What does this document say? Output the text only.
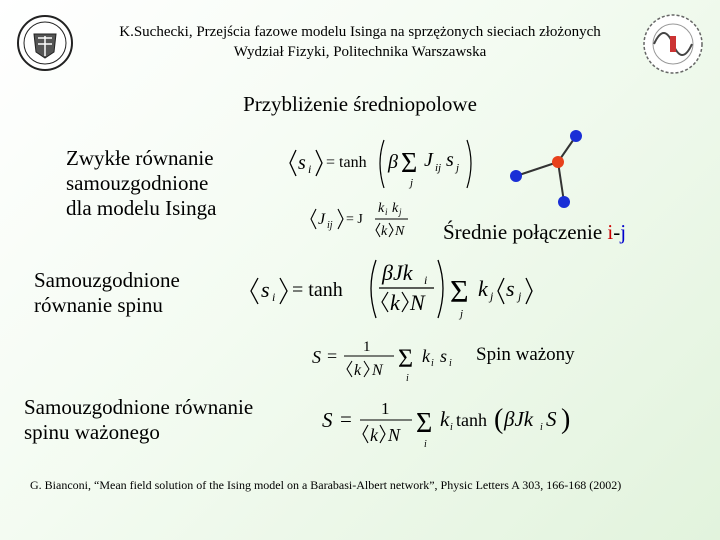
K.Suchecki, Przejścia fazowe modelu Isinga na sprzężonych sieciach złożonych
Wydział Fizyki, Politechnika Warszawska
Przybliżenie średniopolowe
Zwykłe równanie
samouzgodnione
dla modelu Isinga
s i = tanh β Σ
j
J ij s j
J ij = J
k i k j
k N Średnie połączenie i-j
Samouzgodnione
równanie spinu
s i = tanh
βJk i
k N Σ
j
k j s j
S = 1
k N Σ
i
k i s i Spin ważony
Samouzgodnione równanie
spinu ważonego	S = 1
k N Σ
i
k i tanh ( βJk i S )
G. Bianconi, “Mean field solution of the Ising model on a Barabasi-Albert network”, Physic Letters A 303, 166-168 (2002)
